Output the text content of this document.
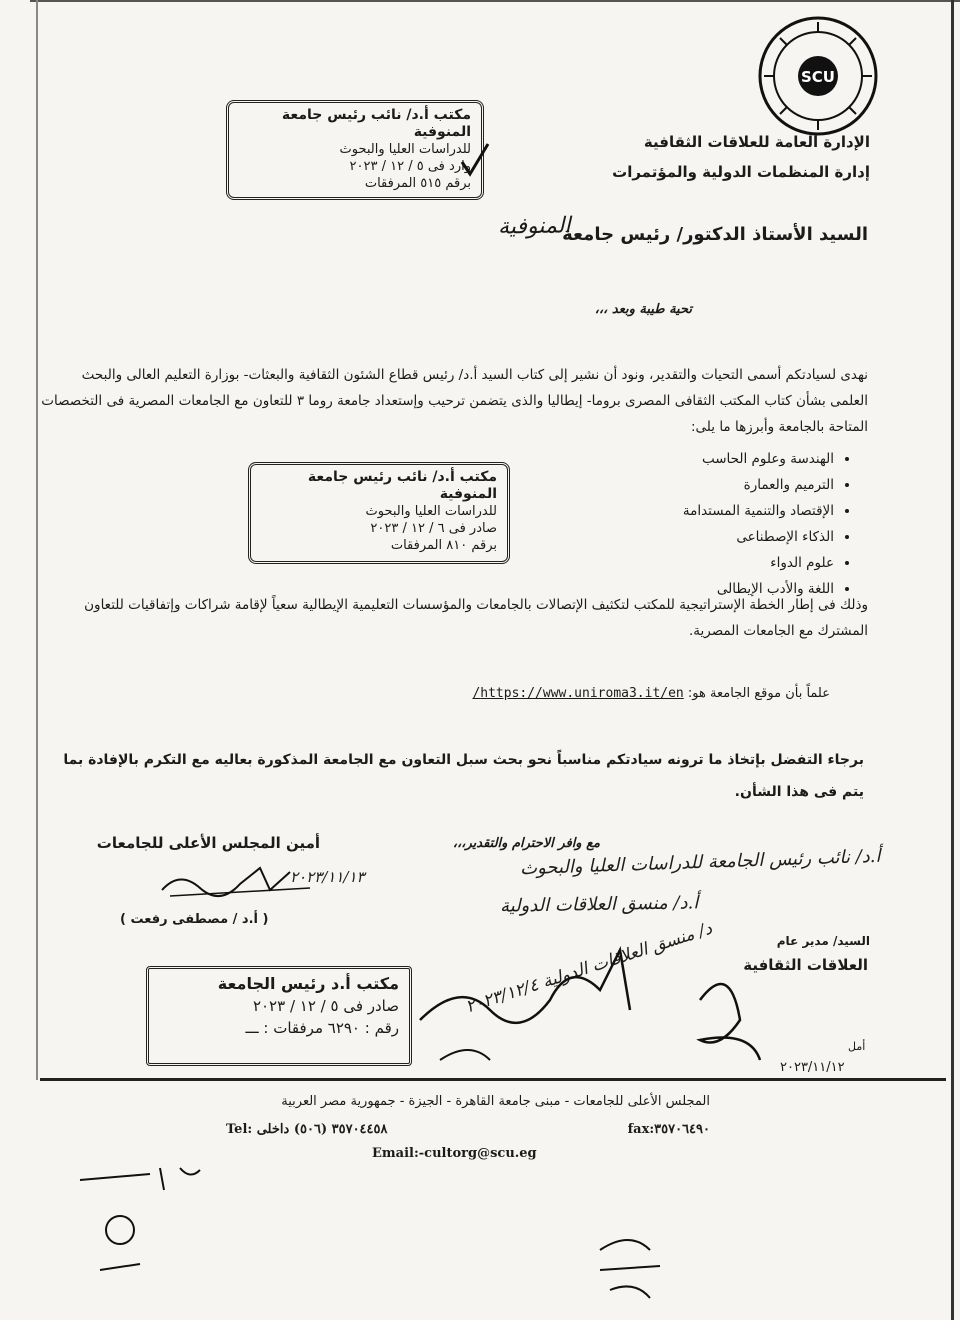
SCU
الإدارة العامة للعلاقات الثقافية
إدارة المنظمات الدولية والمؤتمرات
مكتب أ.د/ نائب رئيس جامعة المنوفية
للدراسات العليا والبحوث
وارد فى ٥ / ١٢ / ٢٠٢٣
برقم ٥١٥ المرفقات
السيد الأستاذ الدكتور/ رئيس جامعة
المنوفية
تحية طيبة وبعد ،،،
نهدى لسيادتكم أسمى التحيات والتقدير، ونود أن نشير إلى كتاب السيد أ.د/ رئيس قطاع الشئون الثقافية والبعثات- بوزارة التعليم العالى والبحث العلمى بشأن كتاب المكتب الثقافى المصرى بروما- إيطاليا والذى يتضمن ترحيب وإستعداد جامعة روما ٣ للتعاون مع الجامعات المصرية فى التخصصات المتاحة بالجامعة وأبرزها ما يلى:
• الهندسة وعلوم الحاسب
• الترميم والعمارة
• الإقتصاد والتنمية المستدامة
• الذكاء الإصطناعى
• علوم الدواء
• اللغة والأدب الإيطالى
مكتب أ.د/ نائب رئيس جامعة المنوفية
للدراسات العليا والبحوث
صادر فى ٦ / ١٢ / ٢٠٢٣
برقم ٨١٠ المرفقات
وذلك فى إطار الخطة الإستراتيجية للمكتب لتكثيف الإتصالات بالجامعات والمؤسسات التعليمية الإيطالية سعياً لإقامة شراكات وإتفاقيات للتعاون المشترك مع الجامعات المصرية.
علماً بأن موقع الجامعة هو: https://www.uniroma3.it/en/
برجاء التفضل بإتخاذ ما ترونه سيادتكم مناسباً نحو بحث سبل التعاون مع الجامعة المذكورة بعاليه مع التكرم بالإفادة بما يتم فى هذا الشأن.
مع وافر الاحترام والتقدير،،،
أمين المجلس الأعلى للجامعات
٢٠٢٣/١١/١٣
( أ.د / مصطفى رفعت )
أ.د/ نائب رئيس الجامعة للدراسات العليا والبحوث
أ.د/ منسق العلاقات الدولية
د/ منسق العلاقات الدولية ٢٠٢٣/١٢/٤	السيد/ مدير عام
العلاقات الثقافية
مكتب أ.د رئيس الجامعة
صادر فى ٥ / ١٢ / ٢٠٢٣
رقم : ٦٢٩٠ مرفقات : ـــ
أمل
٢٠٢٣/١١/١٢
المجلس الأعلى للجامعات - مبنى جامعة القاهرة - الجيزة - جمهورية مصر العربية
Tel: ٣٥٧٠٤٤٥٨ (٥٠٦) داخلى	fax:٣٥٧٠٦٤٩٠
Email:-cultorg@scu.eg
